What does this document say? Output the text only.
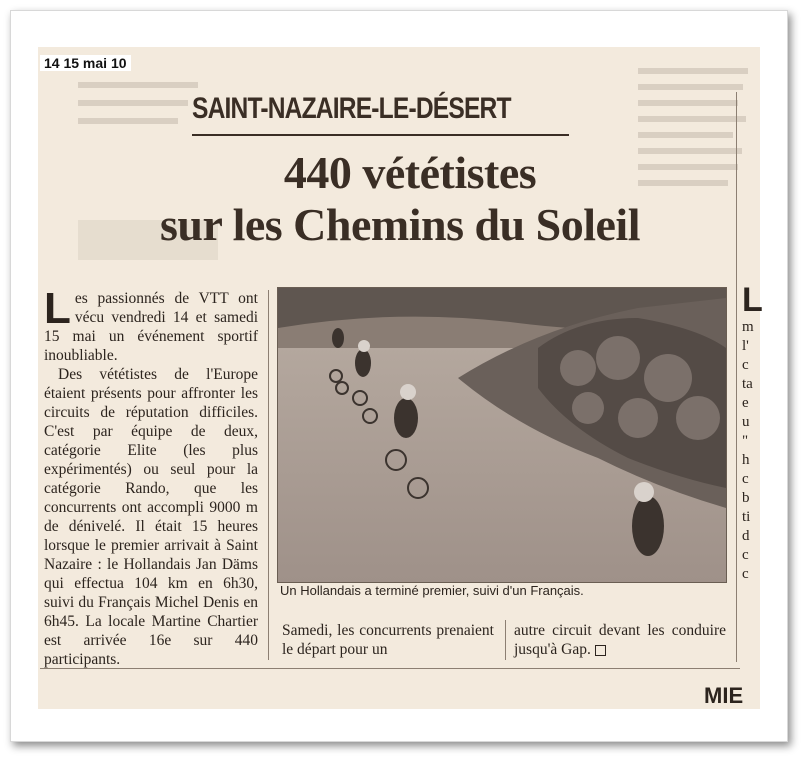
14 15 mai 10
SAINT-NAZAIRE-LE-DÉSERT
440 vététistes
sur les Chemins du Soleil

Les passionnés de VTT ont vécu vendredi 14 et samedi 15 mai un événement sportif inoubliable.

Des vététistes de l'Europe étaient présents pour affronter les circuits de réputation difficiles. C'est par équipe de deux, catégorie Elite (les plus expérimentés) ou seul pour la catégorie Rando, que les concurrents ont accompli 9000 m de dénivelé. Il était 15 heures lorsque le premier arrivait à Saint Nazaire : le Hollandais Jan Däms qui effectua 104 km en 6h30, suivi du Français Michel Denis en 6h45. La locale Martine Chartier est arrivée 16e sur 440 participants.

Un Hollandais a terminé premier, suivi d'un Français.
Samedi, les concurrents prenaient le départ pour un
autre circuit devant les conduire jusqu'à Gap.
L
m
l'
c
ta
e
u
"
h
c
b
ti
d
c
c
MIE
